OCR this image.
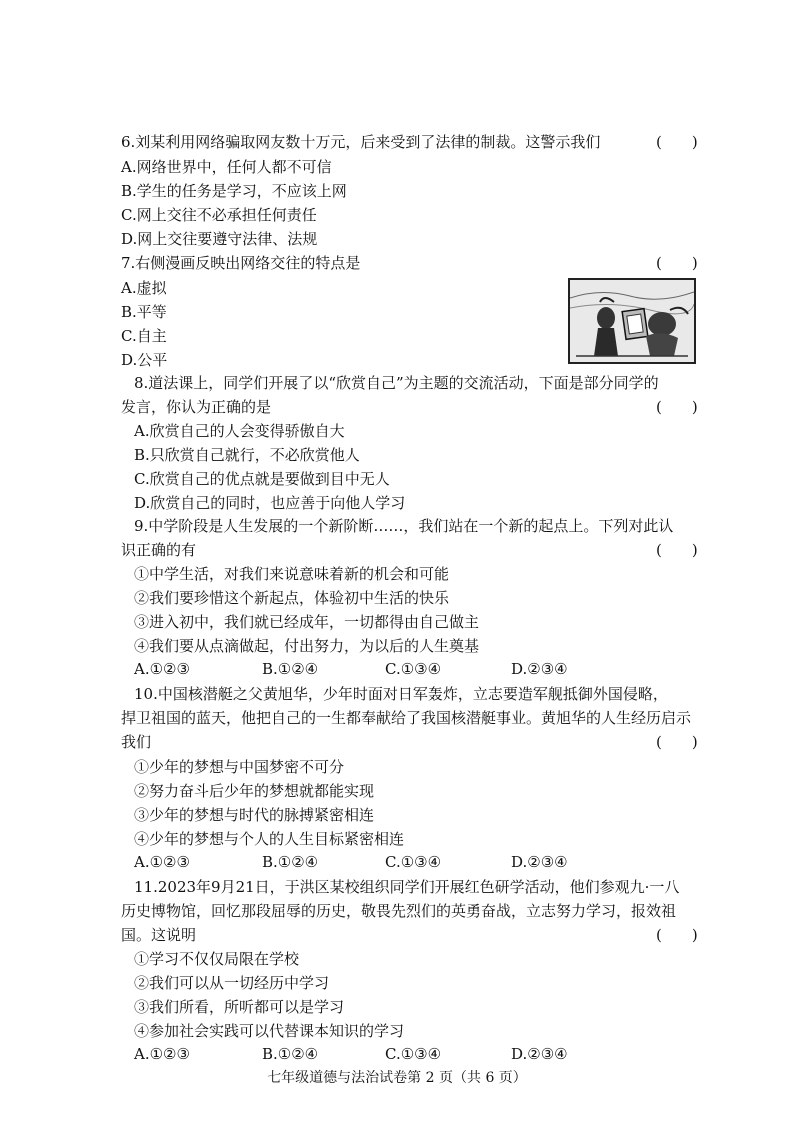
6.刘某利用网络骗取网友数十万元，后来受到了法律的制裁。这警示我们	(　　)
A.网络世界中，任何人都不可信
B.学生的任务是学习，不应该上网
C.网上交往不必承担任何责任
D.网上交往要遵守法律、法规
7.右侧漫画反映出网络交往的特点是	(　　)
A.虚拟
B.平等
C.自主
D.公平
8.道法课上，同学们开展了以“欣赏自己”为主题的交流活动，下面是部分同学的
发言，你认为正确的是	(　　)
A.欣赏自己的人会变得骄傲自大
B.只欣赏自己就行，不必欣赏他人
C.欣赏自己的优点就是要做到目中无人
D.欣赏自己的同时，也应善于向他人学习
9.中学阶段是人生发展的一个新阶断……，我们站在一个新的起点上。下列对此认
识正确的有	(　　)
①中学生活，对我们来说意味着新的机会和可能
②我们要珍惜这个新起点，体验初中生活的快乐
③进入初中，我们就已经成年，一切都得由自己做主
④我们要从点滴做起，付出努力，为以后的人生奠基
A.①②③	B.①②④	C.①③④	D.②③④
10.中国核潜艇之父黄旭华，少年时面对日军轰炸，立志要造军舰抵御外国侵略，
捍卫祖国的蓝天，他把自己的一生都奉献给了我国核潜艇事业。黄旭华的人生经历启示
我们	(　　)
①少年的梦想与中国梦密不可分
②努力奋斗后少年的梦想就都能实现
③少年的梦想与时代的脉搏紧密相连
④少年的梦想与个人的人生目标紧密相连
A.①②③	B.①②④	C.①③④	D.②③④
11.2023年9月21日，于洪区某校组织同学们开展红色研学活动，他们参观九·一八
历史博物馆，回忆那段屈辱的历史，敬畏先烈们的英勇奋战，立志努力学习，报效祖
国。这说明	(　　)
①学习不仅仅局限在学校
②我们可以从一切经历中学习
③我们所看，所听都可以是学习
④参加社会实践可以代替课本知识的学习
A.①②③	B.①②④	C.①③④	D.②③④
七年级道德与法治试卷第 2 页（共 6 页）
